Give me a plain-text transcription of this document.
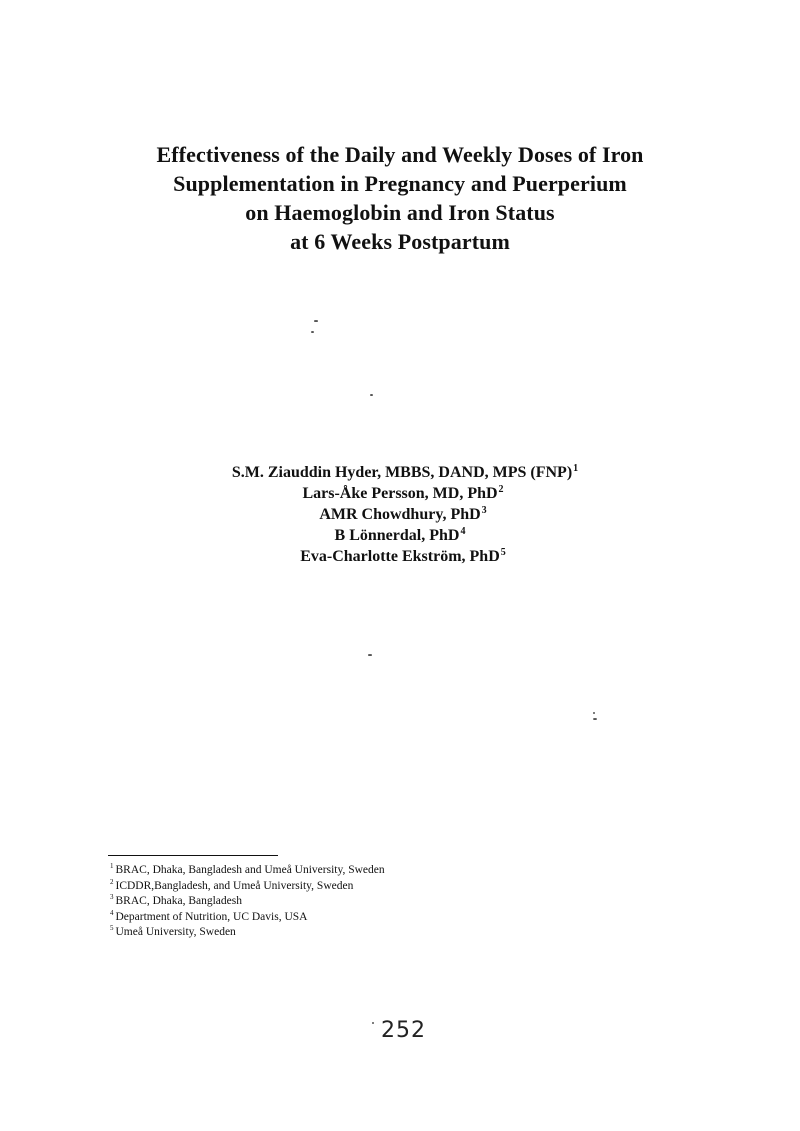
Effectiveness of the Daily and Weekly Doses of Iron
Supplementation in Pregnancy and Puerperium
on Haemoglobin and Iron Status
at 6 Weeks Postpartum
S.M. Ziauddin Hyder, MBBS, DAND, MPS (FNP)$^1$
Lars-Åke Persson, MD, PhD$^2$
AMR Chowdhury, PhD$^3$
B Lönnerdal, PhD$^4$
Eva-Charlotte Ekström, PhD$^5$
$^1$ BRAC, Dhaka, Bangladesh and Umeå University, Sweden
$^2$ ICDDR,Bangladesh, and Umeå University, Sweden
$^3$ BRAC, Dhaka, Bangladesh
$^4$ Department of Nutrition, UC Davis, USA
$^5$ Umeå University, Sweden
252
